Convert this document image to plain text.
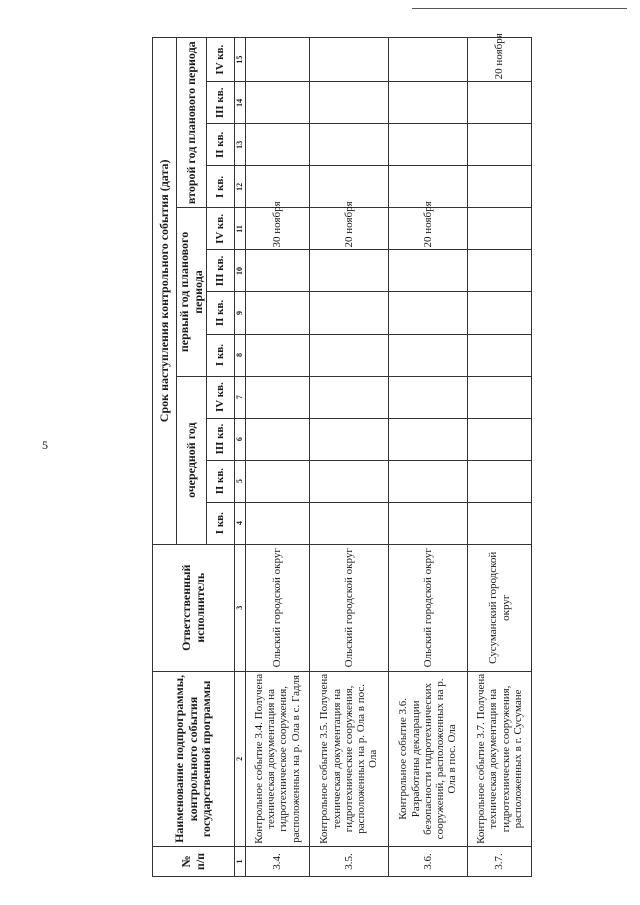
5
№ п/п	Наименование подпрограммы, контрольного события государственной программы	Ответственный исполнитель	Срок наступления контрольного события (дата)											
			очередной год				первый год планового периода				второй год планового периода			
			I кв.	II кв.	III кв.	IV кв.	I кв.	II кв.	III кв.	IV кв.	I кв.	II кв.	III кв.	IV кв.

1	2	3	4	5	6	7	8	9	10	11	12	13	14	15
3.4.	Контрольное событие 3.4. Получена техническая документация на гидротехническое сооружения, расположенных на р. Ола в с. Гадля	Ольский городской округ								30 ноября				
3.5.	Контрольное событие 3.5. Получена техническая документация на гидротехнические сооружения, расположенных на р. Ола в пос. Ола	Ольский городской округ								20 ноября				
3.6.	Контрольное событие 3.6. Разработаны декларации безопасности гидротехнических сооружений, расположенных на р. Ола в пос. Ола	Ольский городской округ								20 ноября				
3.7.	Контрольное событие 3.7. Получена техническая документация на гидротехнические сооружения, расположенных в г. Сусумане	Сусуманский городской округ												20 ноября
